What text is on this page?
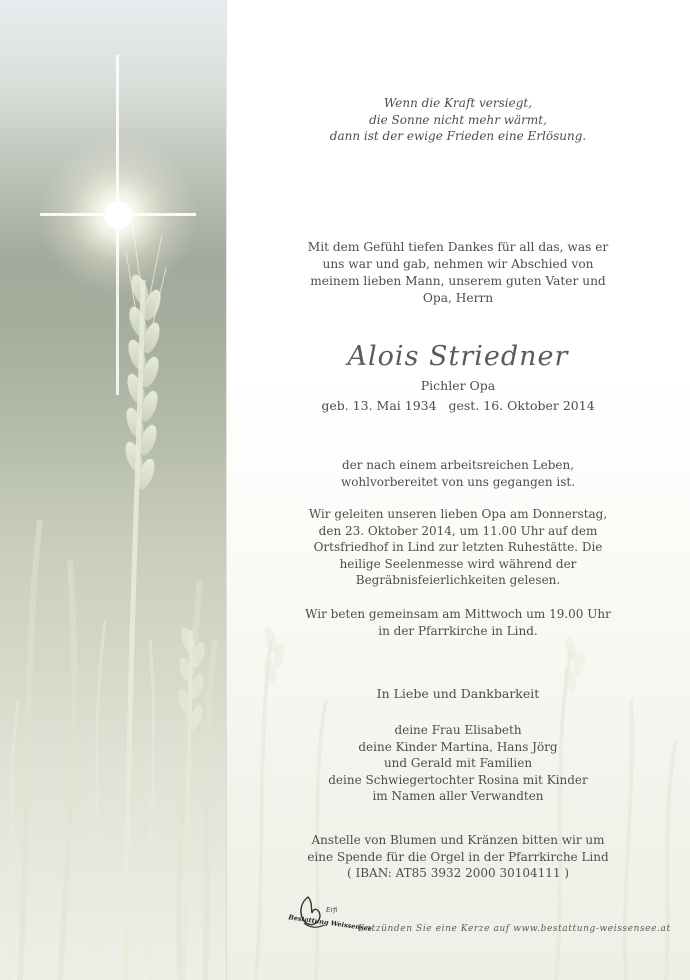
Wenn die Kraft versiegt,

die Sonne nicht mehr wärmt,

dann ist der ewige Frieden eine Erlösung.

Mit dem Gefühl tiefen Dankes für all das, was er

uns war und gab, nehmen wir Abschied von

meinem lieben Mann, unserem guten Vater und

Opa, Herrn

Alois Striedner
Pichler Opa
geb. 13. Mai 1934 gest. 16. Oktober 2014

der nach einem arbeitsreichen Leben,

wohlvorbereitet von uns gegangen ist.

Wir geleiten unseren lieben Opa am Donnerstag,

den 23. Oktober 2014, um 11.00 Uhr auf dem

Ortsfriedhof in Lind zur letzten Ruhestätte. Die

heilige Seelenmesse wird während der

Begräbnisfeierlichkeiten gelesen.

Wir beten gemeinsam am Mittwoch um 19.00 Uhr

in der Pfarrkirche in Lind.

In Liebe und Dankbarkeit

deine Frau Elisabeth

deine Kinder Martina, Hans Jörg

und Gerald mit Familien

deine Schwiegertochter Rosina mit Kinder

im Namen aller Verwandten

Anstelle von Blumen und Kränzen bitten wir um

eine Spende für die Orgel in der Pfarrkirche Lind

( IBAN: AT85 3932 2000 30104111 )

Erfi
Bestattung Weissensee
Entzünden Sie eine Kerze auf www.bestattung-weissensee.at
